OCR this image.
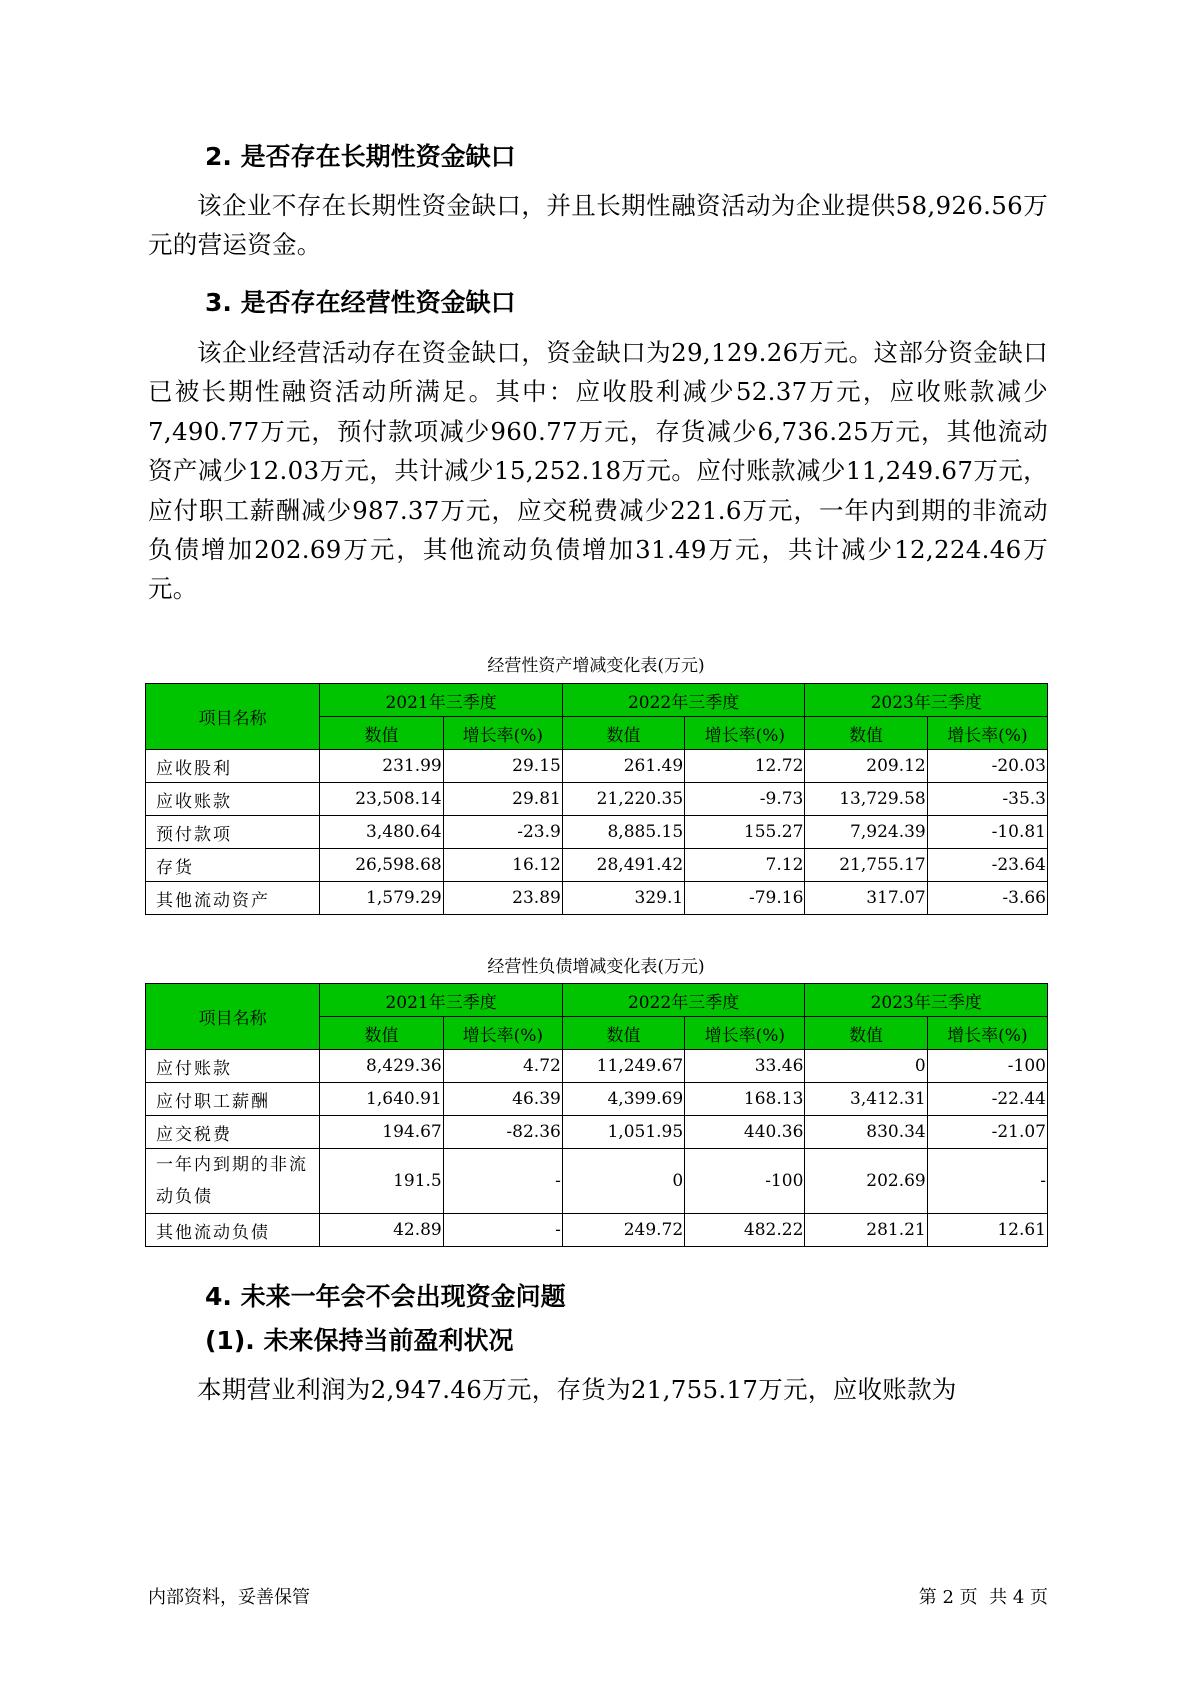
2. 是否存在长期性资金缺口
该企业不存在长期性资金缺口，并且长期性融资活动为企业提供58,926.56万元的营运资金。
3. 是否存在经营性资金缺口
该企业经营活动存在资金缺口，资金缺口为29,129.26万元。这部分资金缺口已被长期性融资活动所满足。其中：应收股利减少52.37万元，应收账款减少7,490.77万元，预付款项减少960.77万元，存货减少6,736.25万元，其他流动资产减少12.03万元，共计减少15,252.18万元。应付账款减少11,249.67万元，应付职工薪酬减少987.37万元，应交税费减少221.6万元，一年内到期的非流动负债增加202.69万元，其他流动负债增加31.49万元，共计减少12,224.46万元。
经营性资产增减变化表(万元)
项目名称	2021年三季度		2022年三季度		2023年三季度	
	数值	增长率(%)	数值	增长率(%)	数值	增长率(%)
应收股利	231.99	29.15	261.49	12.72	209.12	-20.03
应收账款	23,508.14	29.81	21,220.35	-9.73	13,729.58	-35.3
预付款项	3,480.64	-23.9	8,885.15	155.27	7,924.39	-10.81
存货	26,598.68	16.12	28,491.42	7.12	21,755.17	-23.64
其他流动资产	1,579.29	23.89	329.1	-79.16	317.07	-3.66
经营性负债增减变化表(万元)
项目名称	2021年三季度		2022年三季度		2023年三季度	
	数值	增长率(%)	数值	增长率(%)	数值	增长率(%)
应付账款	8,429.36	4.72	11,249.67	33.46	0	-100
应付职工薪酬	1,640.91	46.39	4,399.69	168.13	3,412.31	-22.44
应交税费	194.67	-82.36	1,051.95	440.36	830.34	-21.07
一年内到期的非流动负债	191.5	-	0	-100	202.69	-
其他流动负债	42.89	-	249.72	482.22	281.21	12.61
4. 未来一年会不会出现资金问题
(1). 未来保持当前盈利状况
本期营业利润为2,947.46万元，存货为21,755.17万元，应收账款为
内部资料，妥善保管	第 2 页  共 4 页
